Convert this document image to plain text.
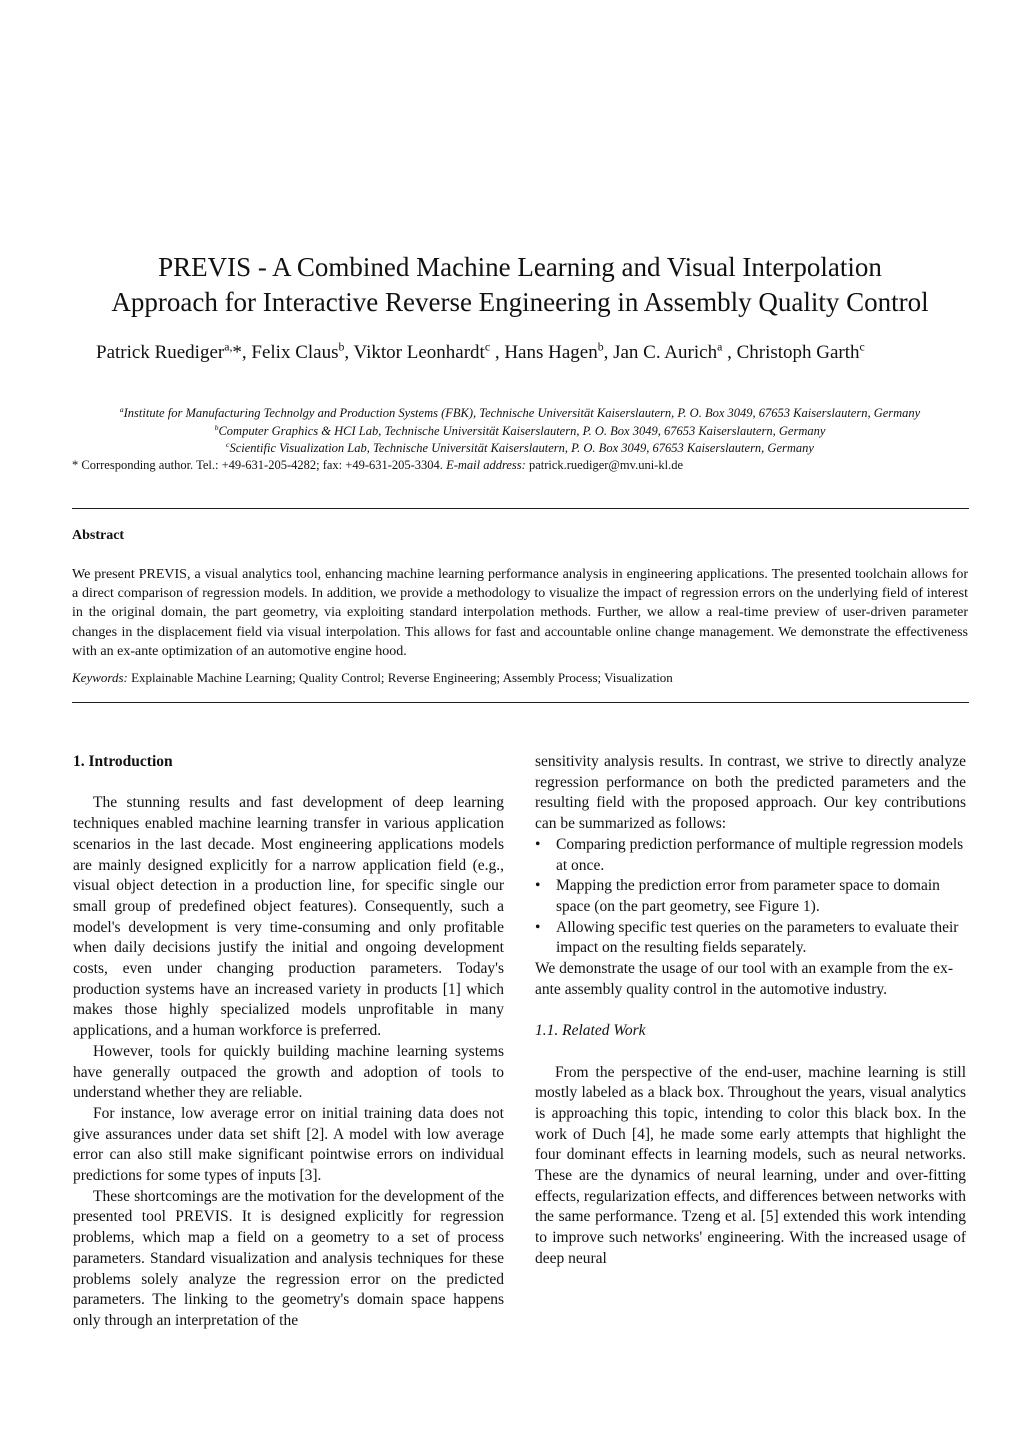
PREVIS - A Combined Machine Learning and Visual Interpolation
Approach for Interactive Reverse Engineering in Assembly Quality Control
Patrick Ruediger$^{a,}$*, Felix Claus$^b$, Viktor Leonhardt$^c$ , Hans Hagen$^b$, Jan C. Aurich$^a$ , Christoph Garth$^c$
$^a$Institute for Manufacturing Technolgy and Production Systems (FBK), Technische Universität Kaiserslautern, P. O. Box 3049, 67653 Kaiserslautern, Germany
$^b$Computer Graphics & HCI Lab, Technische Universität Kaiserslautern, P. O. Box 3049, 67653 Kaiserslautern, Germany
$^c$Scientific Visualization Lab, Technische Universität Kaiserslautern, P. O. Box 3049, 67653 Kaiserslautern, Germany
* Corresponding author. Tel.: +49-631-205-4282; fax: +49-631-205-3304. E-mail address: patrick.ruediger@mv.uni-kl.de
Abstract
We present PREVIS, a visual analytics tool, enhancing machine learning performance analysis in engineering applications. The presented toolchain allows for a direct comparison of regression models. In addition, we provide a methodology to visualize the impact of regression errors on the underlying field of interest in the original domain, the part geometry, via exploiting standard interpolation methods. Further, we allow a real-time preview of user-driven parameter changes in the displacement field via visual interpolation. This allows for fast and accountable online change management. We demonstrate the effectiveness with an ex-ante optimization of an automotive engine hood.
Keywords: Explainable Machine Learning; Quality Control; Reverse Engineering; Assembly Process; Visualization

1. Introduction

The stunning results and fast development of deep learning techniques enabled machine learning transfer in various application scenarios in the last decade. Most engineering applications models are mainly designed explicitly for a narrow application field (e.g., visual object detection in a production line, for specific single our small group of predefined object features). Consequently, such a model's development is very time-consuming and only profitable when daily decisions justify the initial and ongoing development costs, even under changing production parameters. Today's production systems have an increased variety in products [1] which makes those highly specialized models unprofitable in many applications, and a human workforce is preferred.

However, tools for quickly building machine learning systems have generally outpaced the growth and adoption of tools to understand whether they are reliable.

For instance, low average error on initial training data does not give assurances under data set shift [2]. A model with low average error can also still make significant pointwise errors on individual predictions for some types of inputs [3].

These shortcomings are the motivation for the development of the presented tool PREVIS. It is designed explicitly for regression problems, which map a field on a geometry to a set of process parameters. Standard visualization and analysis techniques for these problems solely analyze the regression error on the predicted parameters. The linking to the geometry's domain space happens only through an interpretation of the

sensitivity analysis results. In contrast, we strive to directly analyze regression performance on both the predicted parameters and the resulting field with the proposed approach. Our key contributions can be summarized as follows:

• Comparing prediction performance of multiple regression models at once.
• Mapping the prediction error from parameter space to domain space (on the part geometry, see Figure 1).
• Allowing specific test queries on the parameters to evaluate their impact on the resulting fields separately.

We demonstrate the usage of our tool with an example from the ex-ante assembly quality control in the automotive industry.

1.1. Related Work

From the perspective of the end-user, machine learning is still mostly labeled as a black box. Throughout the years, visual analytics is approaching this topic, intending to color this black box. In the work of Duch [4], he made some early attempts that highlight the four dominant effects in learning models, such as neural networks. These are the dynamics of neural learning, under and over-fitting effects, regularization effects, and differences between networks with the same performance. Tzeng et al. [5] extended this work intending to improve such networks' engineering. With the increased usage of deep neural
